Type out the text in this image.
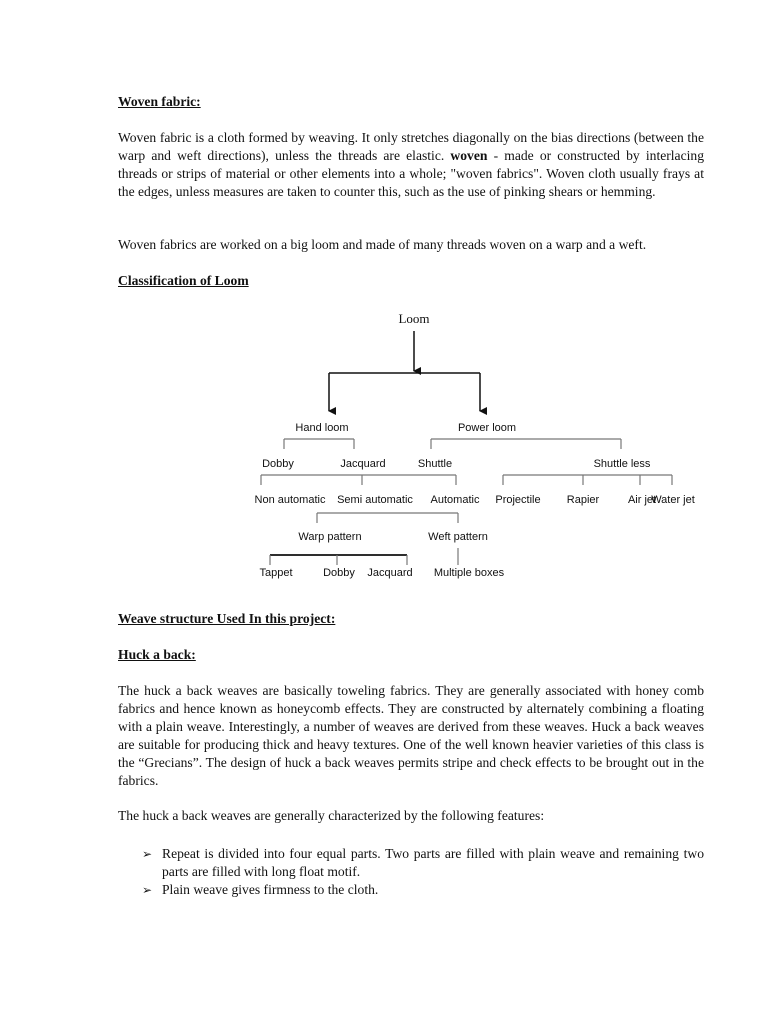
Woven fabric:

Woven fabric is a cloth formed by weaving. It only stretches diagonally on the bias directions (between the warp and weft directions), unless the threads are elastic. woven - made or constructed by interlacing threads or strips of material or other elements into a whole; "woven fabrics". Woven cloth usually frays at the edges, unless measures are taken to counter this, such as the use of pinking shears or hemming.

Woven fabrics are worked on a big loom and made of many threads woven on a warp and a weft.

Classification of Loom
Loom
Hand loom	Power loom
Dobby	Jacquard	Shuttle	Shuttle less
Non automatic Semi automatic Automatic Projectile Rapier	Air jet
Water jet
Warp pattern	Weft pattern
Tappet	Dobby Jacquard Multiple boxes
Weave structure Used In this project:
Huck a back:

The huck a back weaves are basically toweling fabrics. They are generally associated with honey comb fabrics and hence known as honeycomb effects. They are constructed by alternately combining a floating with a plain weave. Interestingly, a number of weaves are derived from these weaves. Huck a back weaves are suitable for producing thick and heavy textures. One of the well known heavier varieties of this class is the “Grecians”. The design of huck a back weaves permits stripe and check effects to be brought out in the fabrics.

The huck a back weaves are generally characterized by the following features:

➢ Repeat is divided into four equal parts. Two parts are filled with plain weave and remaining two parts are filled with long float motif.
➢ Plain weave gives firmness to the cloth.
